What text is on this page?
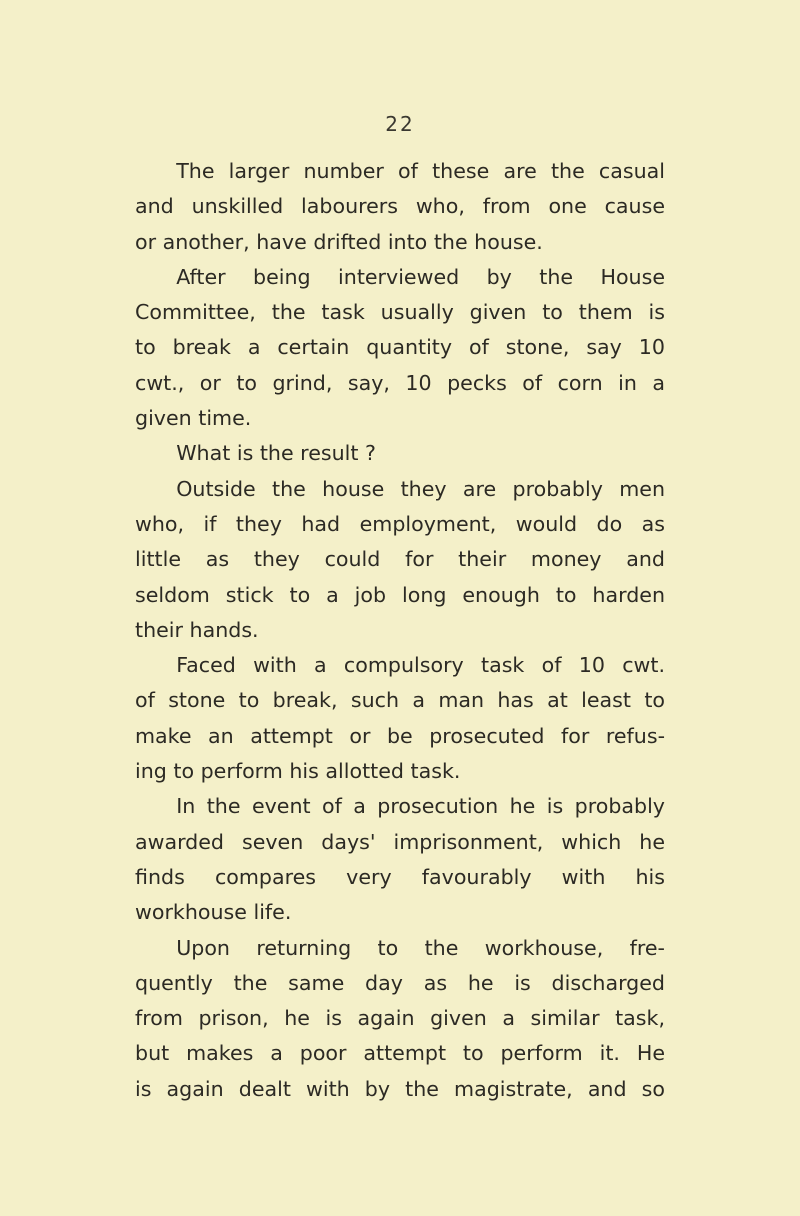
22
The larger number of these are the casual
and unskilled labourers who, from one cause
or another, have drifted into the house.
After being interviewed by the House
Committee, the task usually given to them is
to break a certain quantity of stone, say 10
cwt., or to grind, say, 10 pecks of corn in a
given time.
What is the result ?
Outside the house they are probably men
who, if they had employment, would do as
little as they could for their money and
seldom stick to a job long enough to harden
their hands.
Faced with a compulsory task of 10 cwt.
of stone to break, such a man has at least to
make an attempt or be prosecuted for refus-
ing to perform his allotted task.
In the event of a prosecution he is probably
awarded seven days' imprisonment, which he
finds compares very favourably with his
workhouse life.
Upon returning to the workhouse, fre-
quently the same day as he is discharged
from prison, he is again given a similar task,
but makes a poor attempt to perform it. He
is again dealt with by the magistrate, and so
